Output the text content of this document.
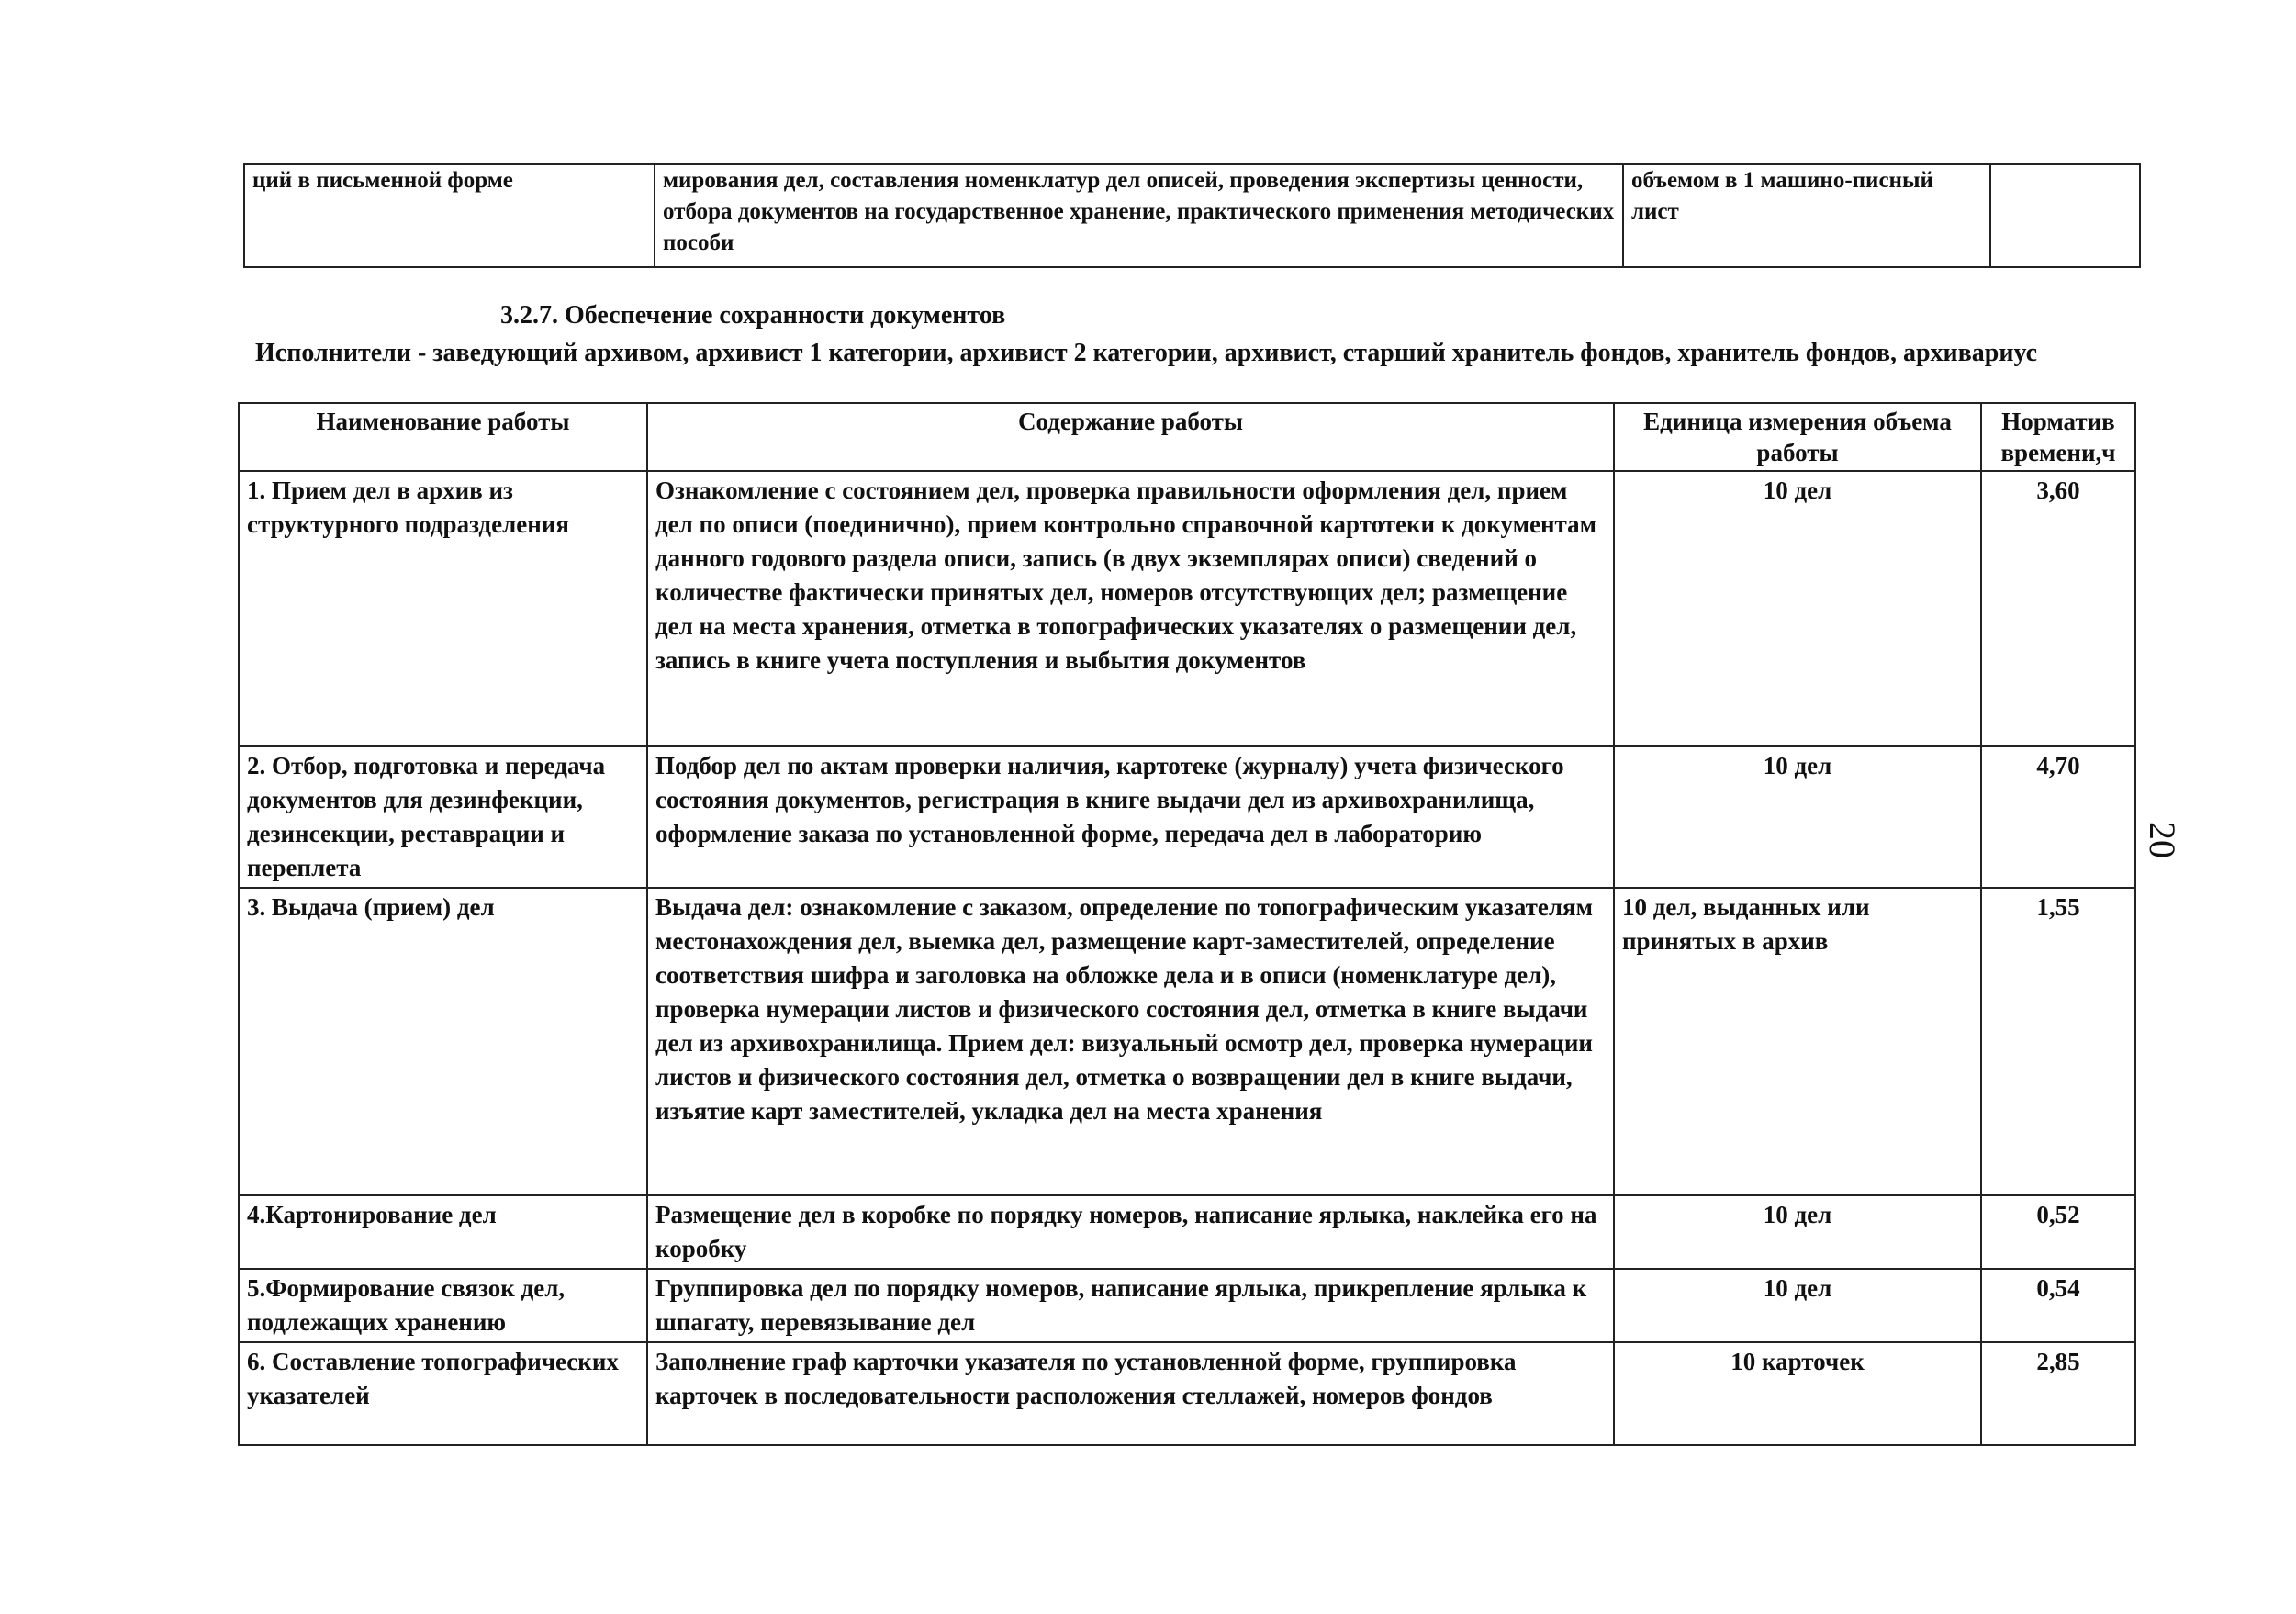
ций в письменной форме	мирования дел, составления номенклатур дел описей, проведения экспертизы ценности, отбора документов на государственное хранение, практического применения методических пособи	объемом в 1 машино-писный лист	
3.2.7. Обеспечение сохранности документов
Исполнители - заведующий архивом, архивист 1 категории, архивист 2 категории, архивист, старший хранитель фондов, хранитель фондов, архивариус
Наименование работы	Содержание работы	Единица измерения объема работы	Норматив времени,ч
1. Прием дел в архив из структурного подразделения	Ознакомление с состоянием дел, проверка правильности оформления дел, прием дел по описи (поединично), прием контрольно справочной картотеки к документам данного годового раздела описи, запись (в двух экземплярах описи) сведений о количестве фактически принятых дел, номеров отсутствующих дел; размещение дел на места хранения, отметка в топографических указателях о размещении дел, запись в книге учета поступления и выбытия документов	10 дел	3,60
2. Отбор, подготовка и передача документов для дезинфекции, дезинсекции, реставрации и переплета	Подбор дел по актам проверки наличия, картотеке (журналу) учета физического состояния документов, регистрация в книге выдачи дел из архивохранилища, оформление заказа по установленной форме, передача дел в лабораторию	10 дел	4,70
3. Выдача (прием) дел	Выдача дел: ознакомление с заказом, определение по топографическим указателям местонахождения дел, выемка дел, размещение карт-заместителей, определение соответствия шифра и заголовка на обложке дела и в описи (номенклатуре дел), проверка нумерации листов и физического состояния дел, отметка в книге выдачи дел из архивохранилища. Прием дел: визуальный осмотр дел, проверка нумерации листов и физического состояния дел, отметка о возвращении дел в книге выдачи, изъятие карт заместителей, укладка дел на места хранения	10 дел, выданных или принятых в архив	1,55
4.Картонирование дел	Размещение дел в коробке по порядку номеров, написание ярлыка, наклейка его на коробку	10 дел	0,52
5.Формирование связок дел, подлежащих хранению	Группировка дел по порядку номеров, написание ярлыка, прикрепление ярлыка к шпагату, перевязывание дел	10 дел	0,54
6. Составление топографических указателей	Заполнение граф карточки указателя по установленной форме, группировка карточек в последовательности расположения стеллажей, номеров фондов	10 карточек	2,85
20
